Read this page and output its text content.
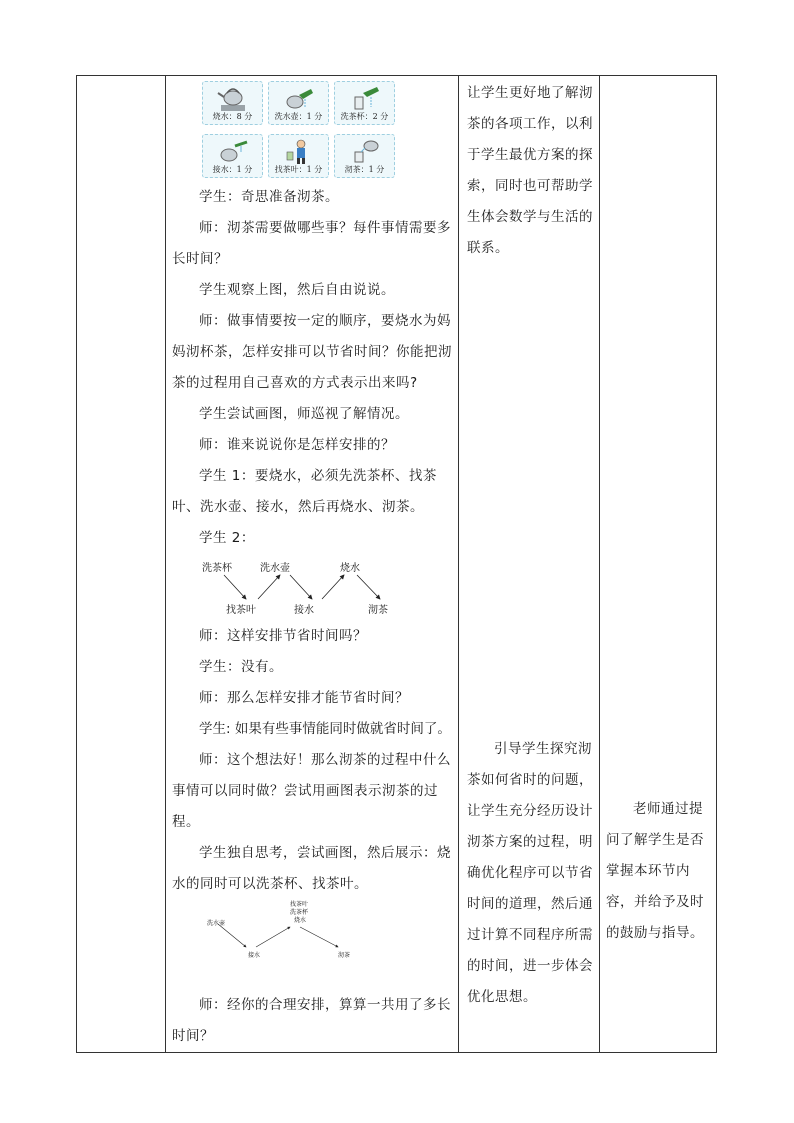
烧水：8 分	洗水壶：1 分	洗茶杯：2 分
接水：1 分	找茶叶：1 分	沏茶：1 分

学生：奇思准备沏茶。

师：沏茶需要做哪些事？每件事情需要多长时间？

学生观察上图，然后自由说说。

师：做事情要按一定的顺序，要烧水为妈妈沏杯茶，怎样安排可以节省时间？你能把沏茶的过程用自己喜欢的方式表示出来吗?

学生尝试画图，师巡视了解情况。

师：谁来说说你是怎样安排的？

学生 1：要烧水，必须先洗茶杯、找茶叶、洗水壶、接水，然后再烧水、沏茶。

学生 2：

洗茶杯	洗水壶	烧水
找茶叶	接水	沏茶

师：这样安排节省时间吗？

学生：没有。

师：那么怎样安排才能节省时间？

学生: 如果有些事情能同时做就省时间了。

师：这个想法好！那么沏茶的过程中什么事情可以同时做？尝试用画图表示沏茶的过程。

学生独自思考，尝试画图，然后展示：烧水的同时可以洗茶杯、找茶叶。

洗水壶
找茶叶
洗茶杯
烧水
接水	沏茶

师：经你的合理安排，算算一共用了多长时间？

让学生更好地了解沏茶的各项工作，以利于学生最优方案的探索，同时也可帮助学生体会数学与生活的联系。
引导学生探究沏茶如何省时的问题，让学生充分经历设计沏茶方案的过程，明确优化程序可以节省时间的道理，然后通过计算不同程序所需的时间，进一步体会优化思想。
老师通过提问了解学生是否掌握本环节内容，并给予及时的鼓励与指导。
